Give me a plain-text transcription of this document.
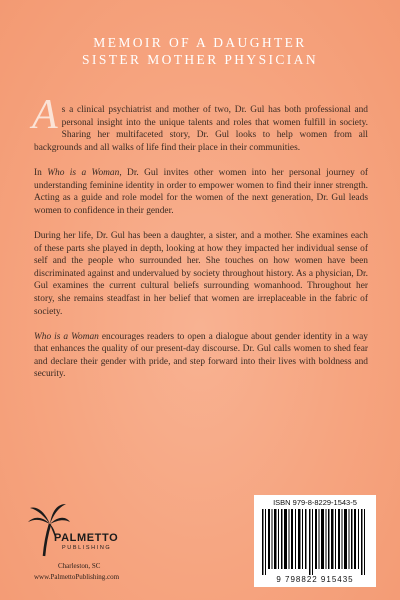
MEMOIR OF A DAUGHTER
SISTER MOTHER PHYSICIAN

As a clinical psychiatrist and mother of two, Dr. Gul has both professional and personal insight into the unique talents and roles that women fulfill in society. Sharing her multifaceted story, Dr. Gul looks to help women from all backgrounds and all walks of life find their place in their communities.

In Who is a Woman, Dr. Gul invites other women into her personal journey of understanding feminine identity in order to empower women to find their inner strength. Acting as a guide and role model for the women of the next generation, Dr. Gul leads women to confidence in their gender.

During her life, Dr. Gul has been a daughter, a sister, and a mother. She examines each of these parts she played in depth, looking at how they impacted her individual sense of self and the people who surrounded her. She touches on how women have been discriminated against and undervalued by society throughout history. As a physician, Dr. Gul examines the current cultural beliefs surrounding womanhood. Throughout her story, she remains steadfast in her belief that women are irreplaceable in the fabric of society.

Who is a Woman encourages readers to open a dialogue about gender identity in a way that enhances the quality of our present-day discourse. Dr. Gul calls women to shed fear and declare their gender with pride, and step forward into their lives with boldness and security.

PALMETTO
PUBLISHING
Charleston, SC
www.PalmettoPublishing.com
ISBN 979-8-8229-1543-5
9 798822 915435
